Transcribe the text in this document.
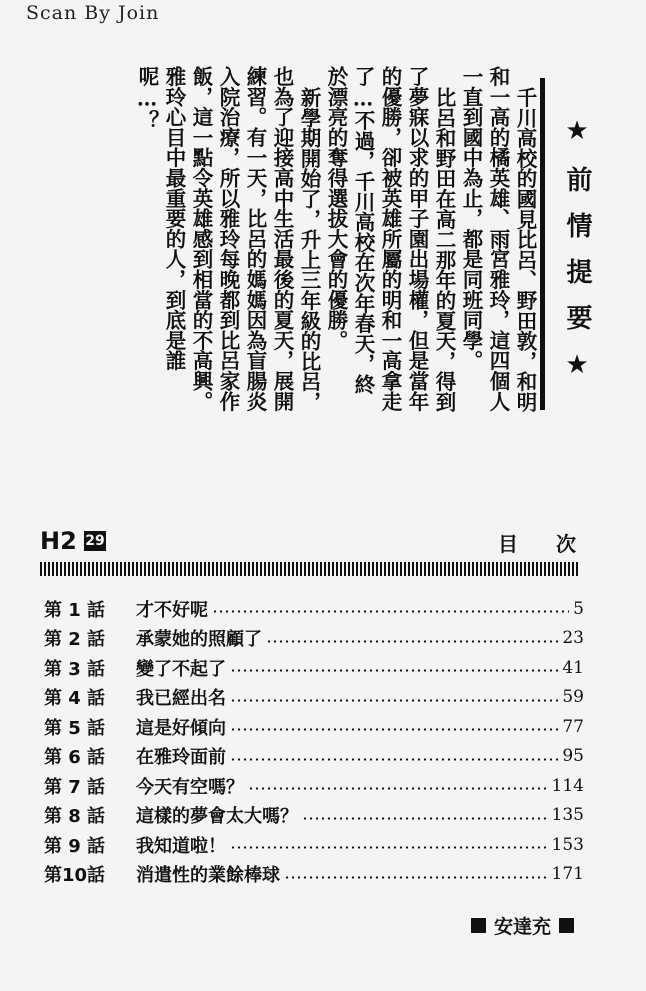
Scan By Join

千川高校的國見比呂、野田敦，和明和一高的橘英雄、雨宮雅玲，這四個人一直到國中為止，都是同班同學。

比呂和野田在高二那年的夏天，得到了夢寐以求的甲子園出場權，但是當年的優勝，卻被英雄所屬的明和一高拿走了…不過，千川高校在次年春天，終於漂亮的奪得選拔大會的優勝。

新學期開始了，升上三年級的比呂，也為了迎接高中生活最後的夏天，展開練習。有一天，比呂的媽媽因為盲腸炎入院治療，所以雅玲每晚都到比呂家作飯，這一點令英雄感到相當的不高興。雅玲心目中最重要的人，到底是誰呢…？

★前情提要★
H2 29	目次
第 1 話	才不好呢	5
第 2 話	承蒙她的照顧了	23
第 3 話	變了不起了	41
第 4 話	我已經出名	59
第 5 話	這是好傾向	77
第 6 話	在雅玲面前	95
第 7 話	今天有空嗎？	114
第 8 話	這樣的夢會太大嗎？	135
第 9 話	我知道啦！	153
第10話	消遣性的業餘棒球	171
安達充
